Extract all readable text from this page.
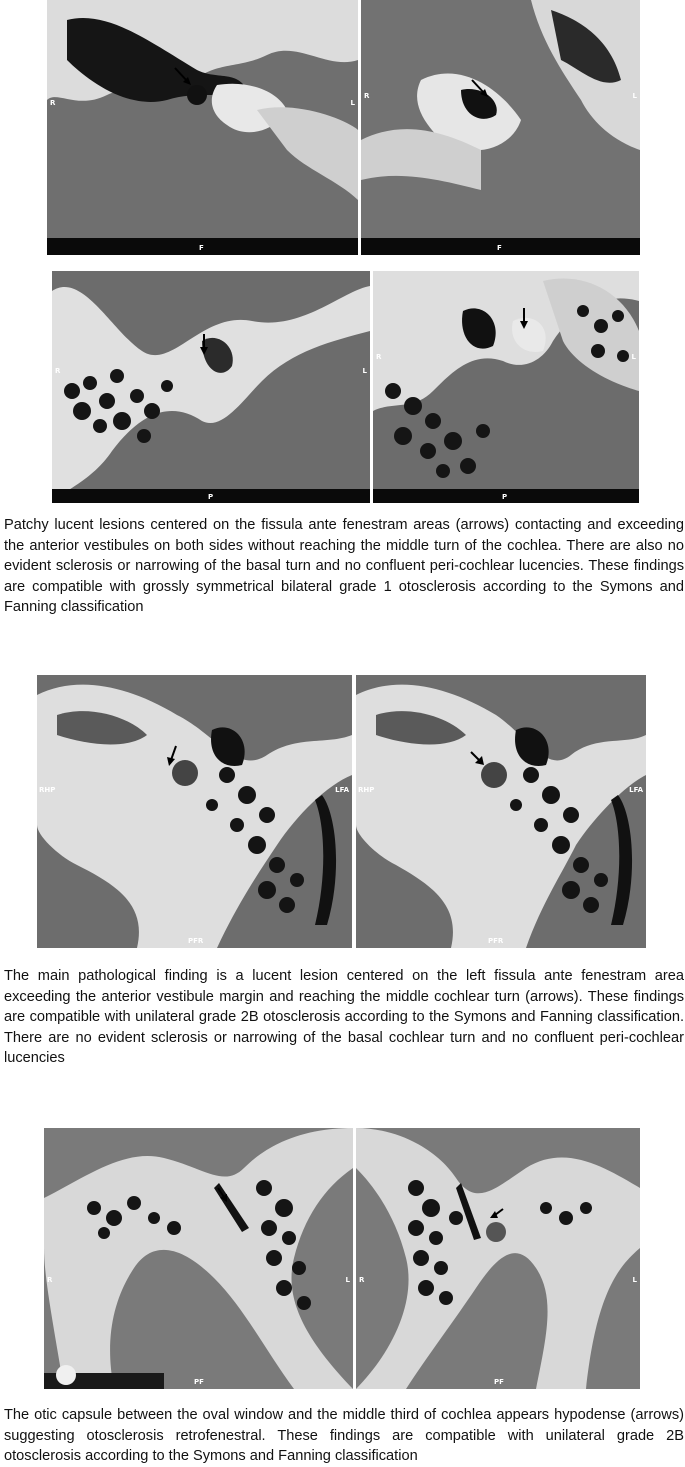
R	L
F
R	L
F
R	L
P
R	L
P

Patchy lucent lesions centered on the fissula ante fenestram areas (arrows) contacting and exceeding the anterior vestibules on both sides without reaching the middle turn of the cochlea. There are also no evident sclerosis or narrowing of the basal turn and no confluent peri-cochlear lucencies. These findings are compatible with grossly symmetrical bilateral grade 1 otosclerosis according to the Symons and Fanning classification

RHP	LFA
PFR
RHP	LFA
PFR

The main pathological finding is a lucent lesion centered on the left fissula ante fenestram area exceeding the anterior vestibule margin and reaching the middle cochlear turn (arrows). These findings are compatible with unilateral grade 2B otosclerosis according to the Symons and Fanning classification. There are no evident sclerosis or narrowing of the basal cochlear turn and no confluent peri-cochlear lucencies

R	L
PF
R	L
PF

The otic capsule between the oval window and the middle third of cochlea appears hypodense (arrows) suggesting otosclerosis retrofenestral. These findings are compatible with unilateral grade 2B otosclerosis according to the Symons and Fanning classification
